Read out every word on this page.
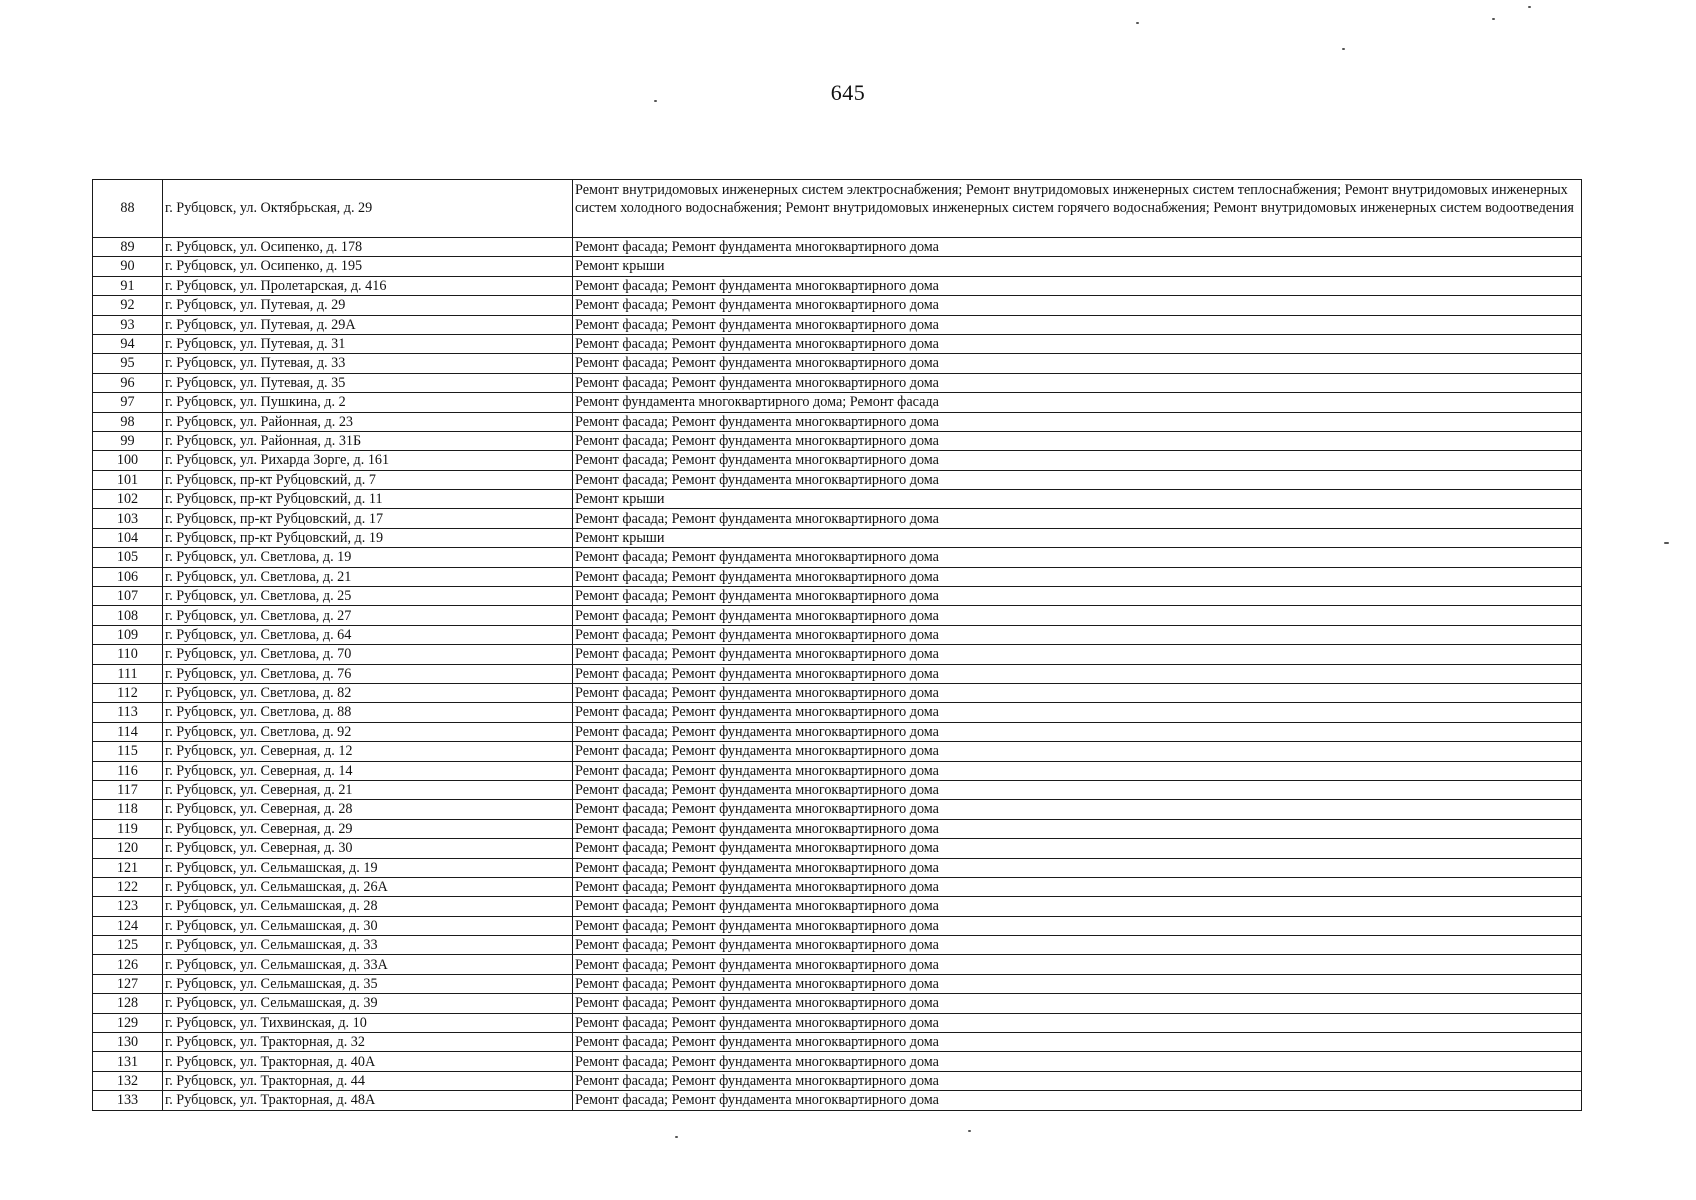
645
88	г. Рубцовск, ул. Октябрьская, д. 29	Ремонт внутридомовых инженерных систем электроснабжения; Ремонт внутридомовых инженерных систем теплоснабжения; Ремонт внутридомовых инженерных систем холодного водоснабжения; Ремонт внутридомовых инженерных систем горячего водоснабжения; Ремонт внутридомовых инженерных систем водоотведения
89	г. Рубцовск, ул. Осипенко, д. 178	Ремонт фасада; Ремонт фундамента многоквартирного дома
90	г. Рубцовск, ул. Осипенко, д. 195	Ремонт крыши
91	г. Рубцовск, ул. Пролетарская, д. 416	Ремонт фасада; Ремонт фундамента многоквартирного дома
92	г. Рубцовск, ул. Путевая, д. 29	Ремонт фасада; Ремонт фундамента многоквартирного дома
93	г. Рубцовск, ул. Путевая, д. 29А	Ремонт фасада; Ремонт фундамента многоквартирного дома
94	г. Рубцовск, ул. Путевая, д. 31	Ремонт фасада; Ремонт фундамента многоквартирного дома
95	г. Рубцовск, ул. Путевая, д. 33	Ремонт фасада; Ремонт фундамента многоквартирного дома
96	г. Рубцовск, ул. Путевая, д. 35	Ремонт фасада; Ремонт фундамента многоквартирного дома
97	г. Рубцовск, ул. Пушкина, д. 2	Ремонт фундамента многоквартирного дома; Ремонт фасада
98	г. Рубцовск, ул. Районная, д. 23	Ремонт фасада; Ремонт фундамента многоквартирного дома
99	г. Рубцовск, ул. Районная, д. 31Б	Ремонт фасада; Ремонт фундамента многоквартирного дома
100	г. Рубцовск, ул. Рихарда Зорге, д. 161	Ремонт фасада; Ремонт фундамента многоквартирного дома
101	г. Рубцовск, пр-кт Рубцовский, д. 7	Ремонт фасада; Ремонт фундамента многоквартирного дома
102	г. Рубцовск, пр-кт Рубцовский, д. 11	Ремонт крыши
103	г. Рубцовск, пр-кт Рубцовский, д. 17	Ремонт фасада; Ремонт фундамента многоквартирного дома
104	г. Рубцовск, пр-кт Рубцовский, д. 19	Ремонт крыши
105	г. Рубцовск, ул. Светлова, д. 19	Ремонт фасада; Ремонт фундамента многоквартирного дома
106	г. Рубцовск, ул. Светлова, д. 21	Ремонт фасада; Ремонт фундамента многоквартирного дома
107	г. Рубцовск, ул. Светлова, д. 25	Ремонт фасада; Ремонт фундамента многоквартирного дома
108	г. Рубцовск, ул. Светлова, д. 27	Ремонт фасада; Ремонт фундамента многоквартирного дома
109	г. Рубцовск, ул. Светлова, д. 64	Ремонт фасада; Ремонт фундамента многоквартирного дома
110	г. Рубцовск, ул. Светлова, д. 70	Ремонт фасада; Ремонт фундамента многоквартирного дома
111	г. Рубцовск, ул. Светлова, д. 76	Ремонт фасада; Ремонт фундамента многоквартирного дома
112	г. Рубцовск, ул. Светлова, д. 82	Ремонт фасада; Ремонт фундамента многоквартирного дома
113	г. Рубцовск, ул. Светлова, д. 88	Ремонт фасада; Ремонт фундамента многоквартирного дома
114	г. Рубцовск, ул. Светлова, д. 92	Ремонт фасада; Ремонт фундамента многоквартирного дома
115	г. Рубцовск, ул. Северная, д. 12	Ремонт фасада; Ремонт фундамента многоквартирного дома
116	г. Рубцовск, ул. Северная, д. 14	Ремонт фасада; Ремонт фундамента многоквартирного дома
117	г. Рубцовск, ул. Северная, д. 21	Ремонт фасада; Ремонт фундамента многоквартирного дома
118	г. Рубцовск, ул. Северная, д. 28	Ремонт фасада; Ремонт фундамента многоквартирного дома
119	г. Рубцовск, ул. Северная, д. 29	Ремонт фасада; Ремонт фундамента многоквартирного дома
120	г. Рубцовск, ул. Северная, д. 30	Ремонт фасада; Ремонт фундамента многоквартирного дома
121	г. Рубцовск, ул. Сельмашская, д. 19	Ремонт фасада; Ремонт фундамента многоквартирного дома
122	г. Рубцовск, ул. Сельмашская, д. 26А	Ремонт фасада; Ремонт фундамента многоквартирного дома
123	г. Рубцовск, ул. Сельмашская, д. 28	Ремонт фасада; Ремонт фундамента многоквартирного дома
124	г. Рубцовск, ул. Сельмашская, д. 30	Ремонт фасада; Ремонт фундамента многоквартирного дома
125	г. Рубцовск, ул. Сельмашская, д. 33	Ремонт фасада; Ремонт фундамента многоквартирного дома
126	г. Рубцовск, ул. Сельмашская, д. 33А	Ремонт фасада; Ремонт фундамента многоквартирного дома
127	г. Рубцовск, ул. Сельмашская, д. 35	Ремонт фасада; Ремонт фундамента многоквартирного дома
128	г. Рубцовск, ул. Сельмашская, д. 39	Ремонт фасада; Ремонт фундамента многоквартирного дома
129	г. Рубцовск, ул. Тихвинская, д. 10	Ремонт фасада; Ремонт фундамента многоквартирного дома
130	г. Рубцовск, ул. Тракторная, д. 32	Ремонт фасада; Ремонт фундамента многоквартирного дома
131	г. Рубцовск, ул. Тракторная, д. 40А	Ремонт фасада; Ремонт фундамента многоквартирного дома
132	г. Рубцовск, ул. Тракторная, д. 44	Ремонт фасада; Ремонт фундамента многоквартирного дома
133	г. Рубцовск, ул. Тракторная, д. 48А	Ремонт фасада; Ремонт фундамента многоквартирного дома
